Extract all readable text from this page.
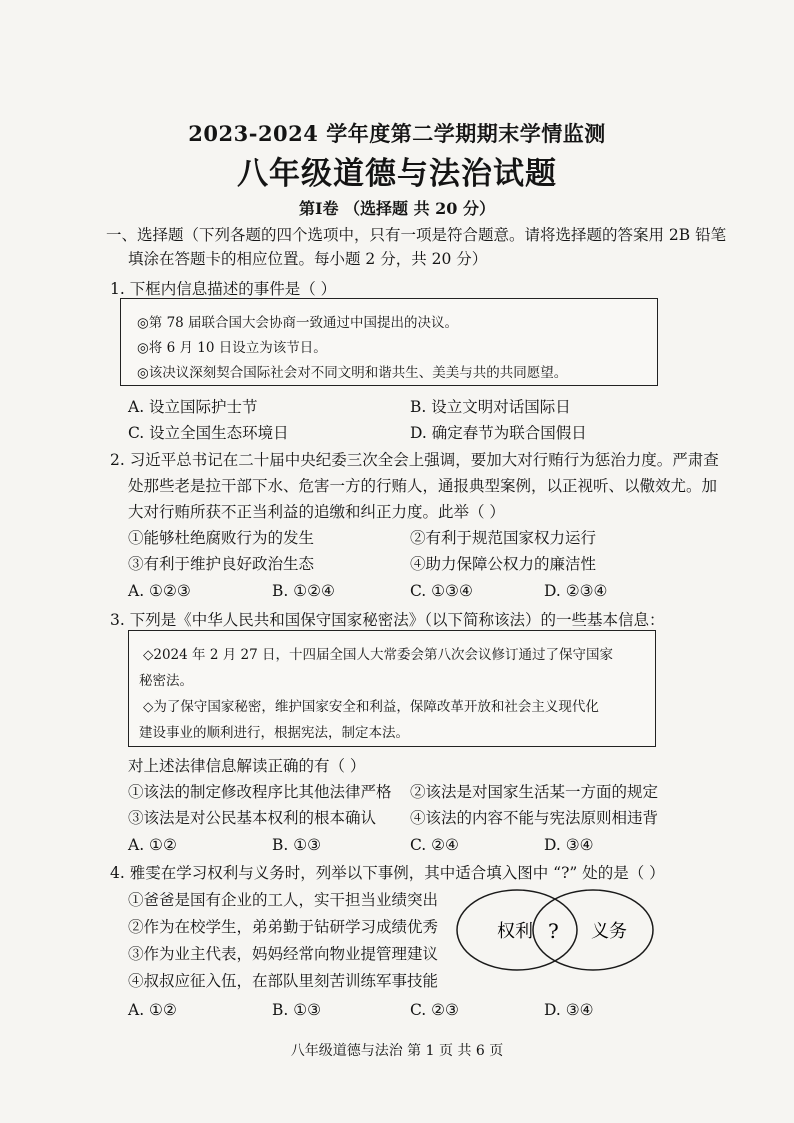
2023-2024 学年度第二学期期末学情监测
八年级道德与法治试题
第Ⅰ卷 （选择题 共 20 分）
一、选择题（下列各题的四个选项中，只有一项是符合题意。请将选择题的答案用 2B 铅笔
填涂在答题卡的相应位置。每小题 2 分，共 20 分）
1. 下框内信息描述的事件是（ ）
◎第 78 届联合国大会协商一致通过中国提出的决议。
◎将 6 月 10 日设立为该节日。
◎该决议深刻契合国际社会对不同文明和谐共生、美美与共的共同愿望。
A. 设立国际护士节	B. 设立文明对话国际日
C. 设立全国生态环境日	D. 确定春节为联合国假日
2. 习近平总书记在二十届中央纪委三次全会上强调，要加大对行贿行为惩治力度。严肃查
处那些老是拉干部下水、危害一方的行贿人，通报典型案例，以正视听、以儆效尤。加
大对行贿所获不正当利益的追缴和纠正力度。此举（ ）
①能够杜绝腐败行为的发生	②有利于规范国家权力运行
③有利于维护良好政治生态	④助力保障公权力的廉洁性
A. ①②③	B. ①②④	C. ①③④	D. ②③④
3. 下列是《中华人民共和国保守国家秘密法》（以下简称该法）的一些基本信息：
◇2024 年 2 月 27 日，十四届全国人大常委会第八次会议修订通过了保守国家
秘密法。
◇为了保守国家秘密，维护国家安全和利益，保障改革开放和社会主义现代化
建设事业的顺利进行，根据宪法，制定本法。
对上述法律信息解读正确的有（ ）
①该法的制定修改程序比其他法律严格 ②该法是对国家生活某一方面的规定
③该法是对公民基本权利的根本确认 ④该法的内容不能与宪法原则相违背
A. ①②	B. ①③	C. ②④	D. ③④
4. 雅雯在学习权利与义务时，列举以下事例，其中适合填入图中 “?” 处的是（ ）
①爸爸是国有企业的工人，实干担当业绩突出
②作为在校学生，弟弟勤于钻研学习成绩优秀
③作为业主代表，妈妈经常向物业提管理建议
④叔叔应征入伍，在部队里刻苦训练军事技能
权利 ? 义务
A. ①②	B. ①③	C. ②③	D. ③④
八年级道德与法治 第 1 页 共 6 页
